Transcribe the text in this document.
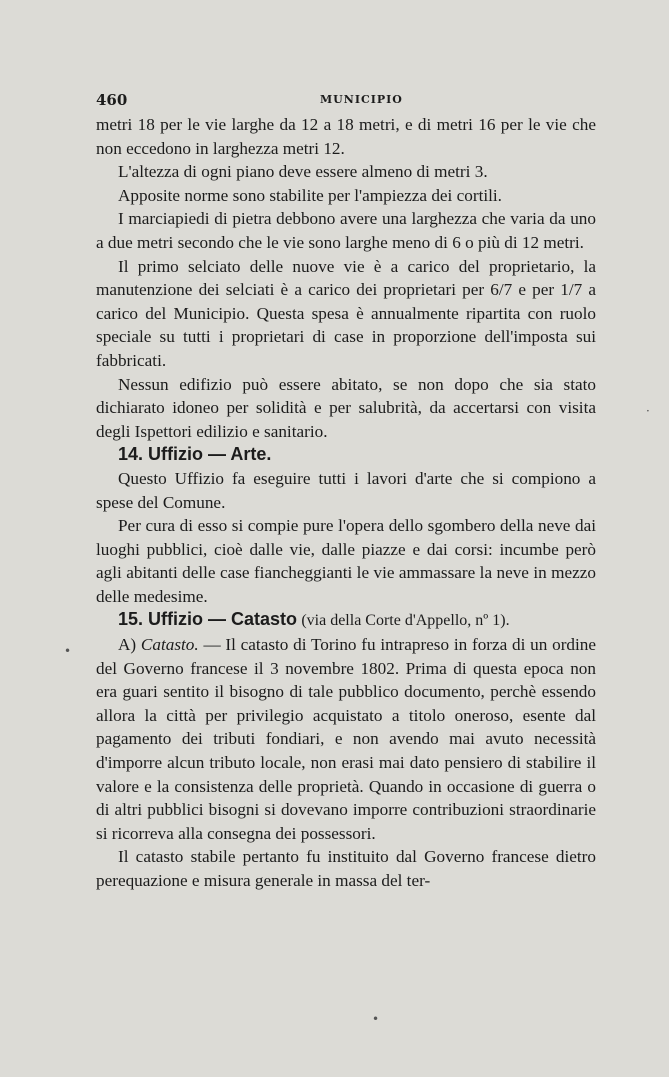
460	MUNICIPIO

metri 18 per le vie larghe da 12 a 18 metri, e di metri 16 per le vie che non eccedono in larghezza metri 12.

L'altezza di ogni piano deve essere almeno di metri 3.

Apposite norme sono stabilite per l'ampiezza dei cortili.

I marciapiedi di pietra debbono avere una larghezza che varia da uno a due metri secondo che le vie sono larghe meno di 6 o più di 12 metri.

Il primo selciato delle nuove vie è a carico del proprietario, la manutenzione dei selciati è a carico dei proprietari per 6/7 e per 1/7 a carico del Municipio. Questa spesa è annualmente ripartita con ruolo speciale su tutti i proprietari di case in proporzione dell'imposta sui fabbricati.

Nessun edifizio può essere abitato, se non dopo che sia stato dichiarato idoneo per solidità e per salubrità, da accertarsi con visita degli Ispettori edilizio e sanitario.

14. Uffizio — Arte.

Questo Uffizio fa eseguire tutti i lavori d'arte che si compiono a spese del Comune.

Per cura di esso si compie pure l'opera dello sgombero della neve dai luoghi pubblici, cioè dalle vie, dalle piazze e dai corsi: incumbe però agli abitanti delle case fiancheggianti le vie ammassare la neve in mezzo delle medesime.

15. Uffizio — Catasto (via della Corte d'Appello, nº 1).

A) Catasto. — Il catasto di Torino fu intrapreso in forza di un ordine del Governo francese il 3 novembre 1802. Prima di questa epoca non era guari sentito il bisogno di tale pubblico documento, perchè essendo allora la città per privilegio acquistato a titolo oneroso, esente dal pagamento dei tributi fondiari, e non avendo mai avuto necessità d'imporre alcun tributo locale, non erasi mai dato pensiero di stabilire il valore e la consistenza delle proprietà. Quando in occasione di guerra o di altri pubblici bisogni si dovevano imporre contribuzioni straordinarie si ricorreva alla consegna dei possessori.

Il catasto stabile pertanto fu instituito dal Governo francese dietro perequazione e misura generale in massa del ter-

·
•
•
